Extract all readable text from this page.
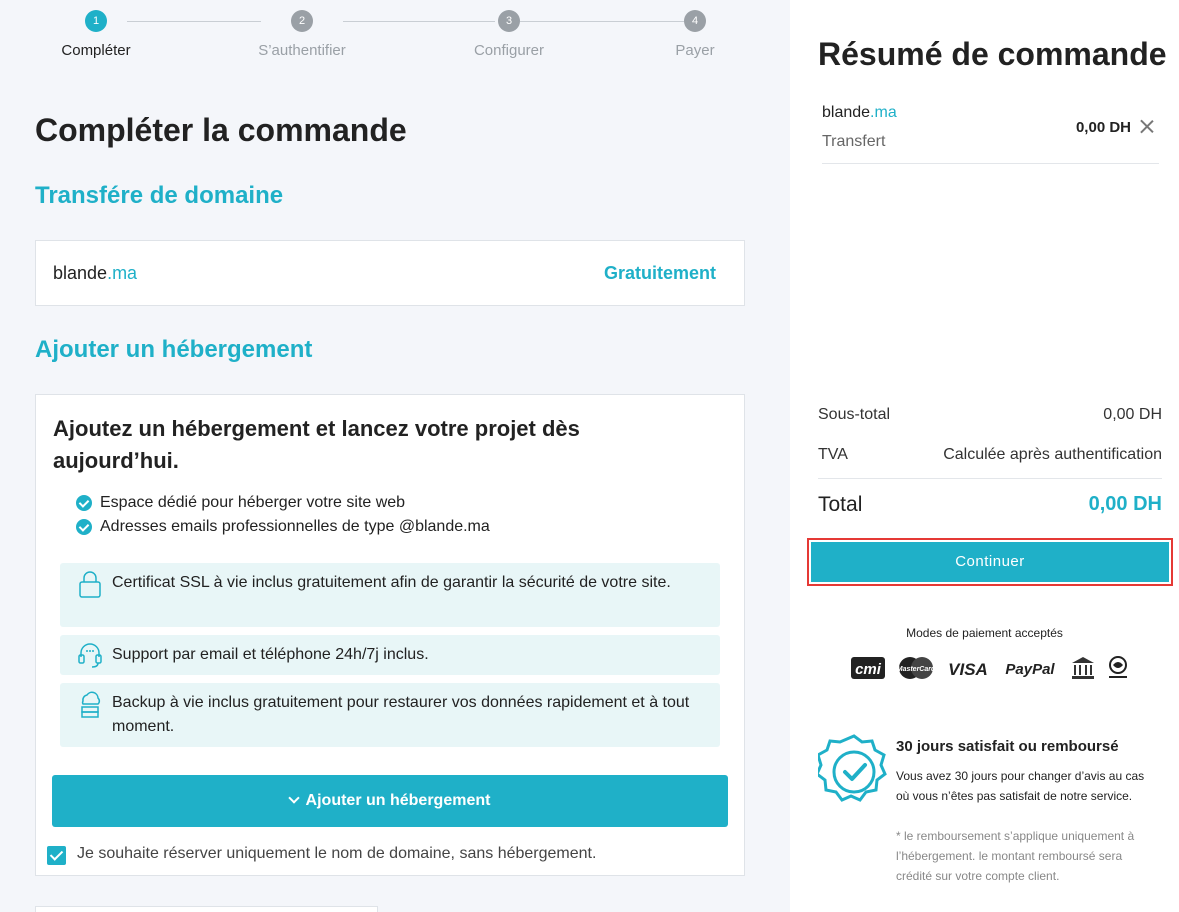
1
Compléter
2
S’authentifier
3
Configurer
4
Payer
Compléter la commande
Transfére de domaine
blande.ma	Gratuitement
Ajouter un hébergement
Ajoutez un hébergement et lancez votre projet dès aujourd’hui.
Espace dédié pour héberger votre site web
Adresses emails professionnelles de type @blande.ma
Certificat SSL à vie inclus gratuitement afin de garantir la sécurité de votre site.
Support par email et téléphone 24h/7j inclus.
Backup à vie inclus gratuitement pour restaurer vos données rapidement et à tout moment.
Ajouter un hébergement
Je souhaite réserver uniquement le nom de domaine, sans hébergement.
Résumé de commande
blande.ma
Transfert
0,00 DH
Sous-total	0,00 DH
TVA	Calculée après authentification
Total	0,00 DH
Continuer
Modes de paiement acceptés
cmi MasterCard VISA PayPal
30 jours satisfait ou remboursé
Vous avez 30 jours pour changer d’avis au cas où vous n’êtes pas satisfait de notre service.
* le remboursement s’applique uniquement à l’hébergement. le montant remboursé sera crédité sur votre compte client.
